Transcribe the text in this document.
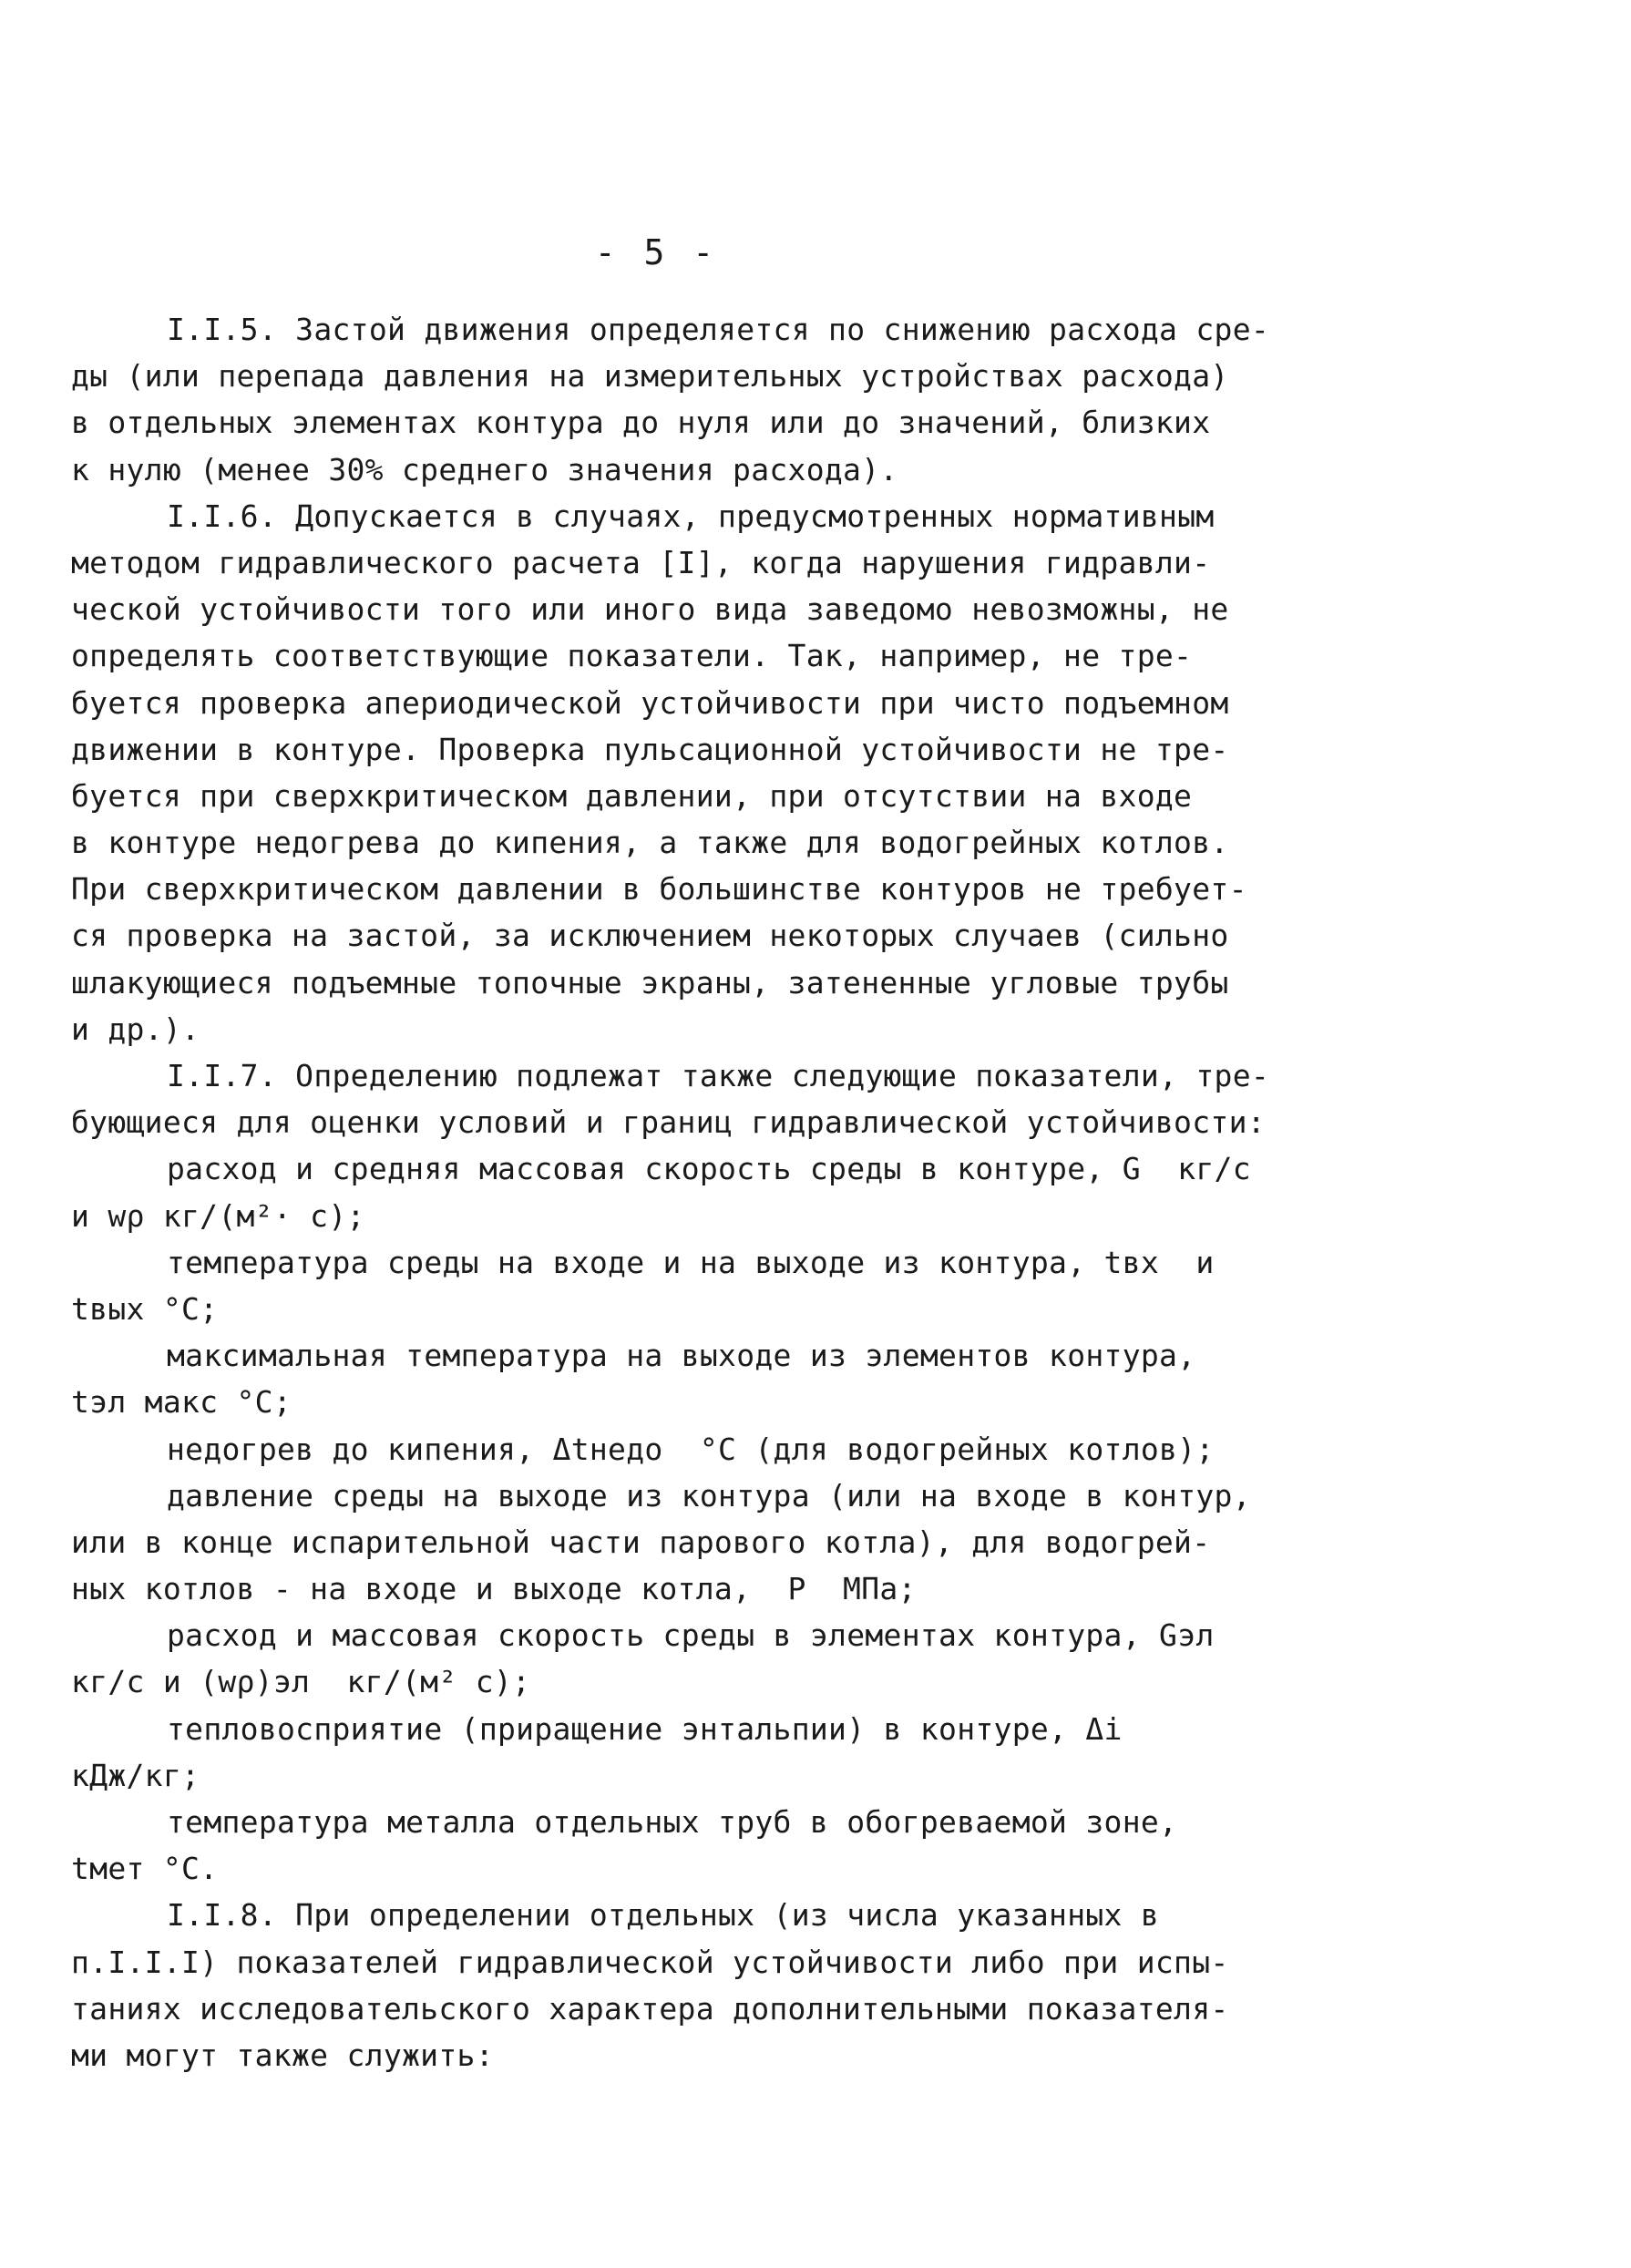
- 5 -
I.I.5. Застой движения определяется по снижению расхода сре-
ды (или перепада давления на измерительных устройствах расхода)
в отдельных элементах контура до нуля или до значений, близких
к нулю (менее 30% среднего значения расхода).
I.I.6. Допускается в случаях, предусмотренных нормативным
методом гидравлического расчета [I], когда нарушения гидравли-
ческой устойчивости того или иного вида заведомо невозможны, не
определять соответствующие показатели. Так, например, не тре-
буется проверка апериодической устойчивости при чисто подъемном
движении в контуре. Проверка пульсационной устойчивости не тре-
буется при сверхкритическом давлении, при отсутствии на входе
в контуре недогрева до кипения, а также для водогрейных котлов.
При сверхкритическом давлении в большинстве контуров не требует-
ся проверка на застой, за исключением некоторых случаев (сильно
шлакующиеся подъемные топочные экраны, затененные угловые трубы
и др.).
I.I.7. Определению подлежат также следующие показатели, тре-
бующиеся для оценки условий и границ гидравлической устойчивости:
расход и средняя массовая скорость среды в контуре, G  кг/с
и wρ кг/(м²· с);
температура среды на входе и на выходе из контура, tвх  и
tвых °С;
максимальная температура на выходе из элементов контура,
tэл макс °С;
недогрев до кипения, Δtнедо  °С (для водогрейных котлов);
давление среды на выходе из контура (или на входе в контур,
или в конце испарительной части парового котла), для водогрей-
ных котлов - на входе и выходе котла,  Р  МПа;
расход и массовая скорость среды в элементах контура, Gэл
кг/с и (wρ)эл  кг/(м² с);
тепловосприятие (приращение энтальпии) в контуре, Δi
кДж/кг;
температура металла отдельных труб в обогреваемой зоне,
tмет °С.
I.I.8. При определении отдельных (из числа указанных в
п.I.I.I) показателей гидравлической устойчивости либо при испы-
таниях исследовательского характера дополнительными показателя-
ми могут также служить:
